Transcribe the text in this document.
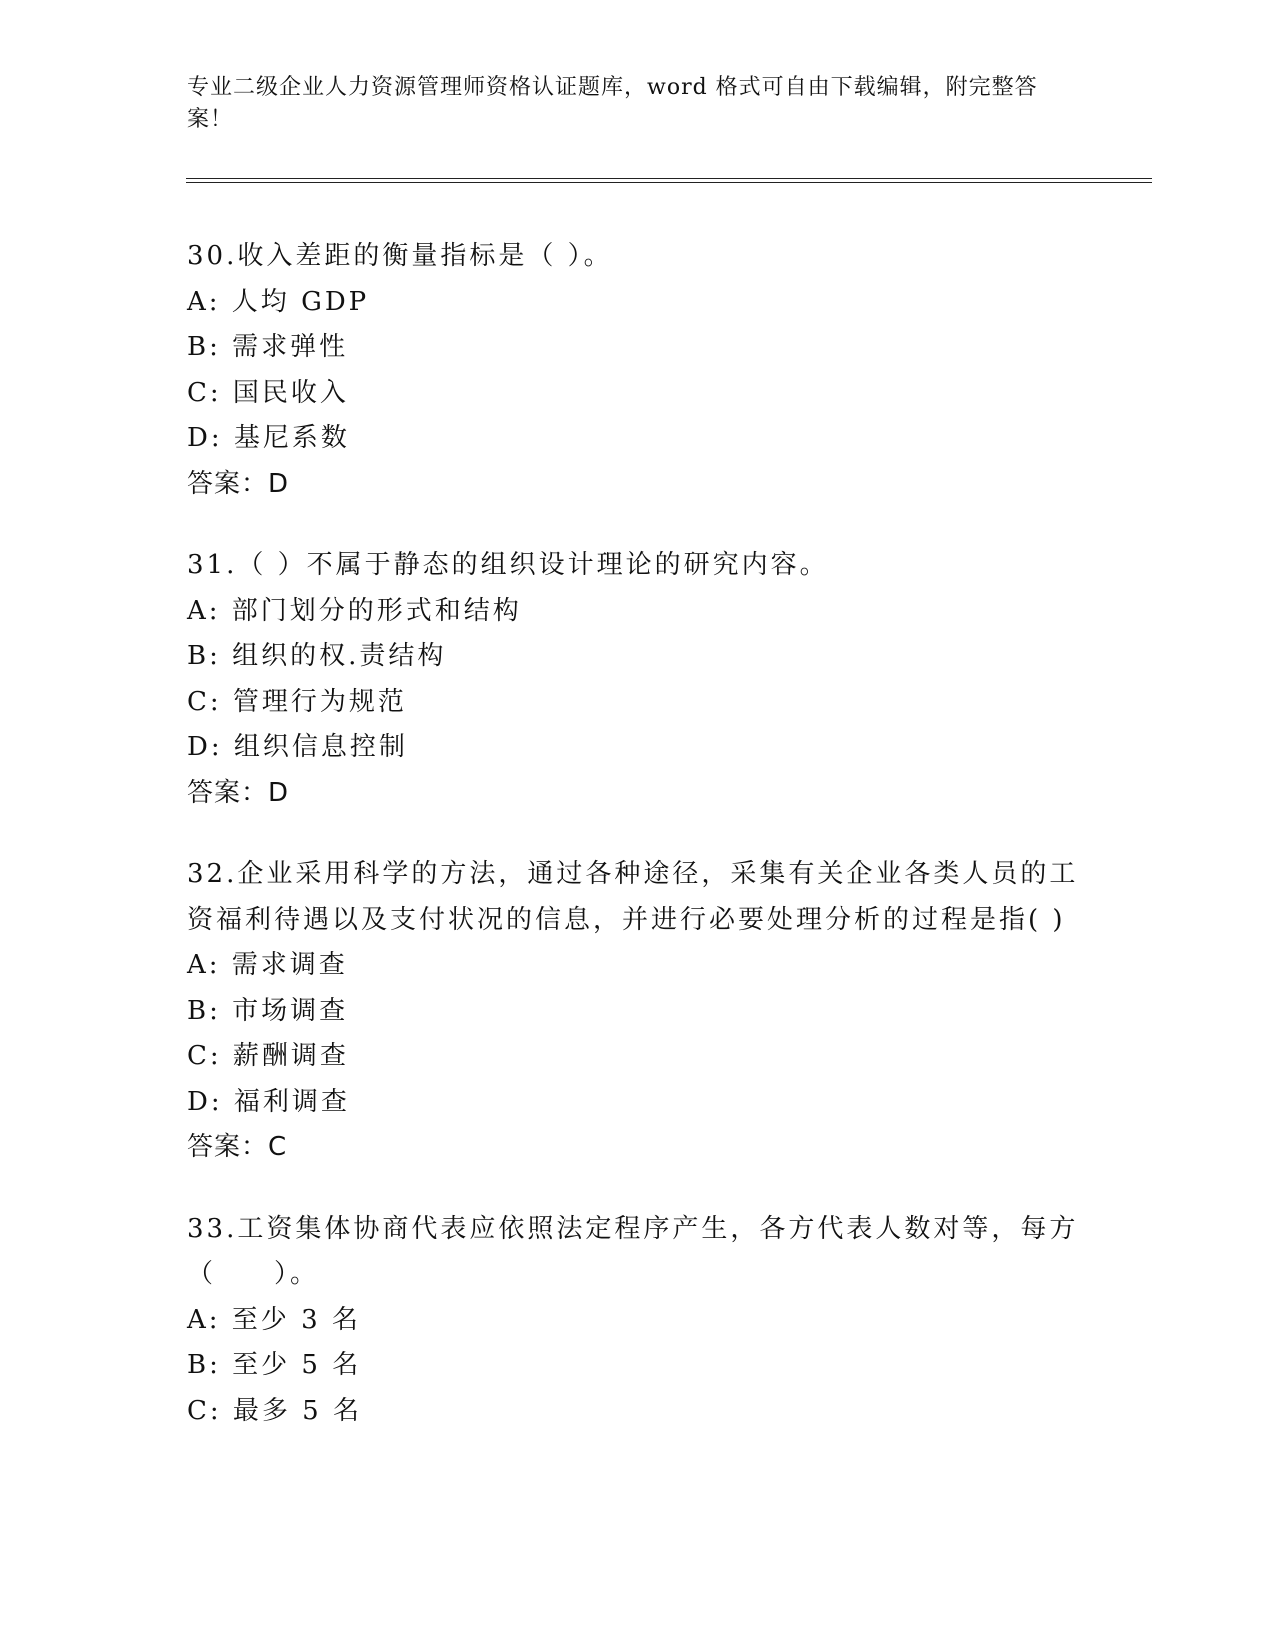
专业二级企业人力资源管理师资格认证题库，word 格式可自由下载编辑，附完整答案！
30.收入差距的衡量指标是（ ）。
A: 人均 GDP
B: 需求弹性
C: 国民收入
D: 基尼系数
答案：D
31.（ ）不属于静态的组织设计理论的研究内容。
A: 部门划分的形式和结构
B: 组织的权.责结构
C: 管理行为规范
D: 组织信息控制
答案：D
32.企业采用科学的方法，通过各种途径，采集有关企业各类人员的工资福利待遇以及支付状况的信息，并进行必要处理分析的过程是指( )
A: 需求调查
B: 市场调查
C: 薪酬调查
D: 福利调查
答案：C
33.工资集体协商代表应依照法定程序产生，各方代表人数对等，每方（　　）。
A: 至少 3 名
B: 至少 5 名
C: 最多 5 名
